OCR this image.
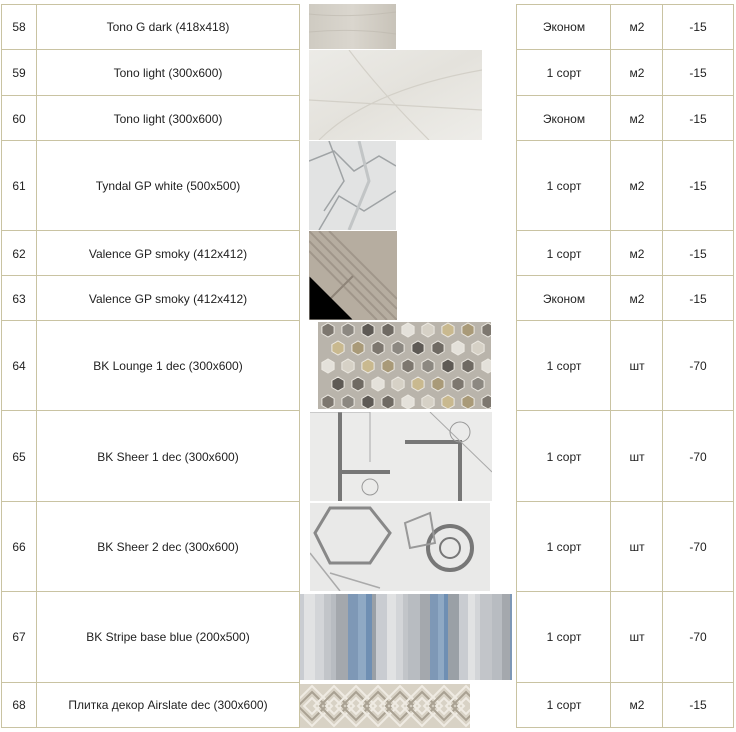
58	Tono G dark (418x418)	Эконом	м2	-15
59	Tono light (300x600)	1 сорт	м2	-15
60	Tono light (300x600)	Эконом	м2	-15
61	Tyndal GP white (500x500)	1 сорт	м2	-15
62	Valence GP smoky (412x412)	1 сорт	м2	-15
63	Valence GP smoky (412x412)	Эконом	м2	-15
64	BK Lounge 1 dec (300x600)	1 сорт	шт	-70
65	BK Sheer 1 dec (300x600)	1 сорт	шт	-70
66	BK Sheer 2 dec (300x600)	1 сорт	шт	-70
67	BK Stripe base blue (200x500)	1 сорт	шт	-70
68	Плитка декор Airslate dec (300x600)	1 сорт	м2	-15
